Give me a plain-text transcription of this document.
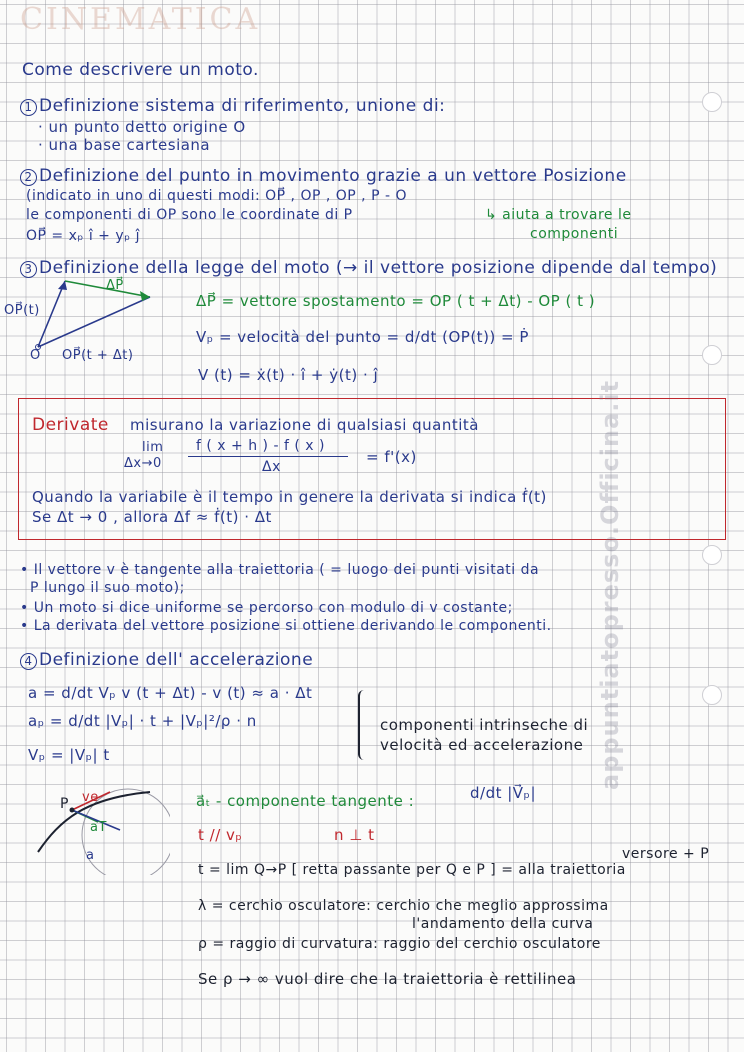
CINEMATICA
Come descrivere un moto.
1 Definizione sistema di riferimento, unione di:
· un punto detto origine O
· una base cartesiana
2 Definizione del punto in movimento grazie a un vettore Posizione
(indicato in uno di questi modi: OP⃗ , OP , OP , P - O
le componenti di OP sono le coordinate di P	↳ aiuta a trovare le
componenti
OP⃗ = xₚ î + yₚ ĵ
3 Definizione della legge del moto (→ il vettore posizione dipende dal tempo)
OP⃗(t)
ΔP⃗
O OP⃗(t + Δt)
ΔP⃗ = vettore spostamento = OP ( t + Δt) - OP ( t )
Vₚ = velocità del punto = d/dt (OP(t)) = Ṗ
V (t) = ẋ(t) · î + ẏ(t) · ĵ
Derivate misurano la variazione di qualsiasi quantità
lim
Δx→0
f ( x + h ) - f ( x )
Δx
= f'(x)
Quando la variabile è il tempo in genere la derivata si indica ḟ(t)
Se Δt → 0 , allora Δf ≈ ḟ(t) · Δt
• Il vettore v è tangente alla traiettoria ( = luogo dei punti visitati da
P lungo il suo moto);
• Un moto si dice uniforme se percorso con modulo di v costante;
• La derivata del vettore posizione si ottiene derivando le componenti.
4 Definizione dell' accelerazione
a = d/dt Vₚ v (t + Δt) - v (t) ≈ a · Δt
aₚ = d/dt |Vₚ| · t + |Vₚ|²/ρ · n
Vₚ = |Vₚ| t
componenti intrinseche di
velocità ed accelerazione
P ve
aT
a
a⃗ₜ - componente tangente :	d/dt |V⃗ₚ|
t // vₚ	n ⊥ t
versore + P
t = lim Q→P [ retta passante per Q e P ] = alla traiettoria
λ = cerchio osculatore: cerchio che meglio approssima
l'andamento della curva
ρ = raggio di curvatura: raggio del cerchio osculatore
Se ρ → ∞ vuol dire che la traiettoria è rettilinea
appuntiatopresso.Officina.it
